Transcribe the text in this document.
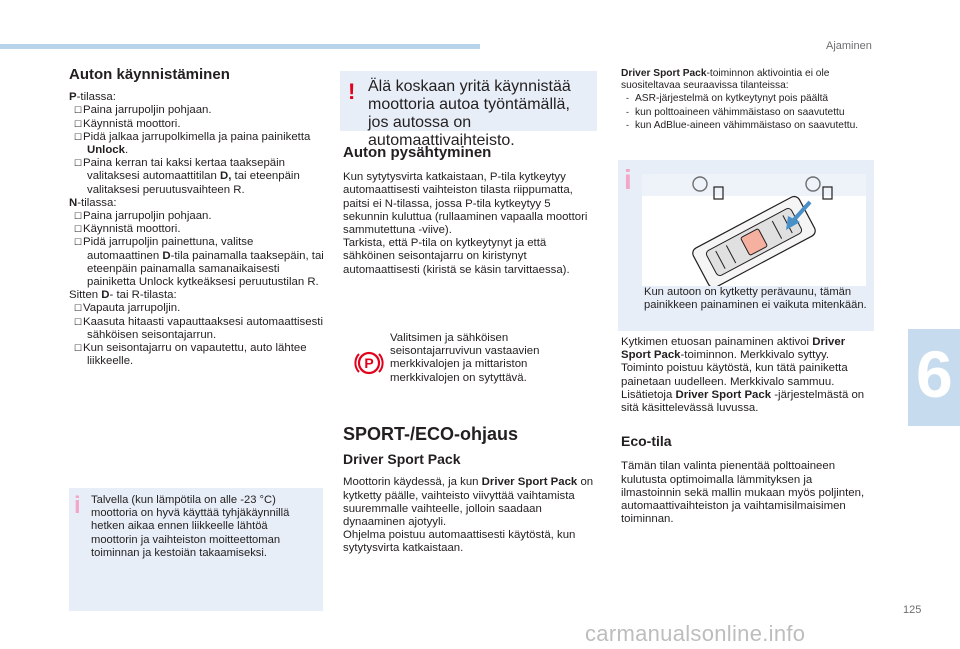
Ajaminen
6
125
carmanualsonline.info
Auton käynnistäminen

P-tilassa:

☐Paina jarrupoljin pohjaan.

☐Käynnistä moottori.

☐Pidä jalkaa jarrupolkimella ja paina painiketta Unlock.

☐Paina kerran tai kaksi kertaa taaksepäin valitaksesi automaattitilan D, tai eteenpäin valitaksesi peruutusvaihteen R.

N-tilassa:

☐Paina jarrupoljin pohjaan.

☐Käynnistä moottori.

☐Pidä jarrupoljin painettuna, valitse automaattinen D-tila painamalla taaksepäin, tai eteenpäin painamalla samanaikaisesti painiketta Unlock kytkeäksesi peruutustilan R.

Sitten D- tai R-tilasta:

☐Vapauta jarrupoljin.

☐Kaasuta hitaasti vapauttaaksesi automaattisesti sähköisen seisontajarrun.

☐Kun seisontajarru on vapautettu, auto lähtee liikkeelle.

i Talvella (kun lämpötila on alle -23 °C) moottoria on hyvä käyttää tyhjäkäynnillä hetken aikaa ennen liikkeelle lähtöä moottorin ja vaihteiston moitteettoman toiminnan ja kestoiän takaamiseksi.

! Älä koskaan yritä käynnistää moottoria autoa työntämällä, jos autossa on automaattivaihteisto.

Auton pysähtyminen

Kun sytytysvirta katkaistaan, P-tila kytkeytyy automaattisesti vaihteiston tilasta riippumatta, paitsi ei N-tilassa, jossa P-tila kytkeytyy 5 sekunnin kuluttua (rullaaminen vapaalla moottori sammutettuna -viive).

Tarkista, että P-tila on kytkeytynyt ja että sähköinen seisontajarru on kiristynyt automaattisesti (kiristä se käsin tarvittaessa).

P

Valitsimen ja sähköisen seisontajarruvivun vastaavien merkkivalojen ja mittariston merkkivalojen on sytyttävä.

SPORT-/ECO-ohjaus
Driver Sport Pack

Moottorin käydessä, ja kun Driver Sport Pack on kytketty päälle, vaihteisto viivyttää vaihtamista suuremmalle vaihteelle, jolloin saadaan dynaaminen ajotyyli.

Ohjelma poistuu automaattisesti käytöstä, kun sytytysvirta katkaistaan.

Driver Sport Pack-toiminnon aktivointia ei ole suositeltavaa seuraavissa tilanteissa:

- ASR-järjestelmä on kytkeytynyt pois päältä

- kun polttoaineen vähimmäistaso on saavutettu

- kun AdBlue-aineen vähimmäistaso on saavutettu.

i

Kun autoon on kytketty perävaunu, tämän painikkeen painaminen ei vaikuta mitenkään.

Kytkimen etuosan painaminen aktivoi Driver Sport Pack-toiminnon. Merkkivalo syttyy. Toiminto poistuu käytöstä, kun tätä painiketta painetaan uudelleen. Merkkivalo sammuu.

Lisätietoja Driver Sport Pack -järjestelmästä on sitä käsittelevässä luvussa.

Eco-tila

Tämän tilan valinta pienentää polttoaineen kulutusta optimoimalla lämmityksen ja ilmastoinnin sekä mallin mukaan myös poljinten, automaattivaihteiston ja vaihtamisilmaisimen toiminnan.
